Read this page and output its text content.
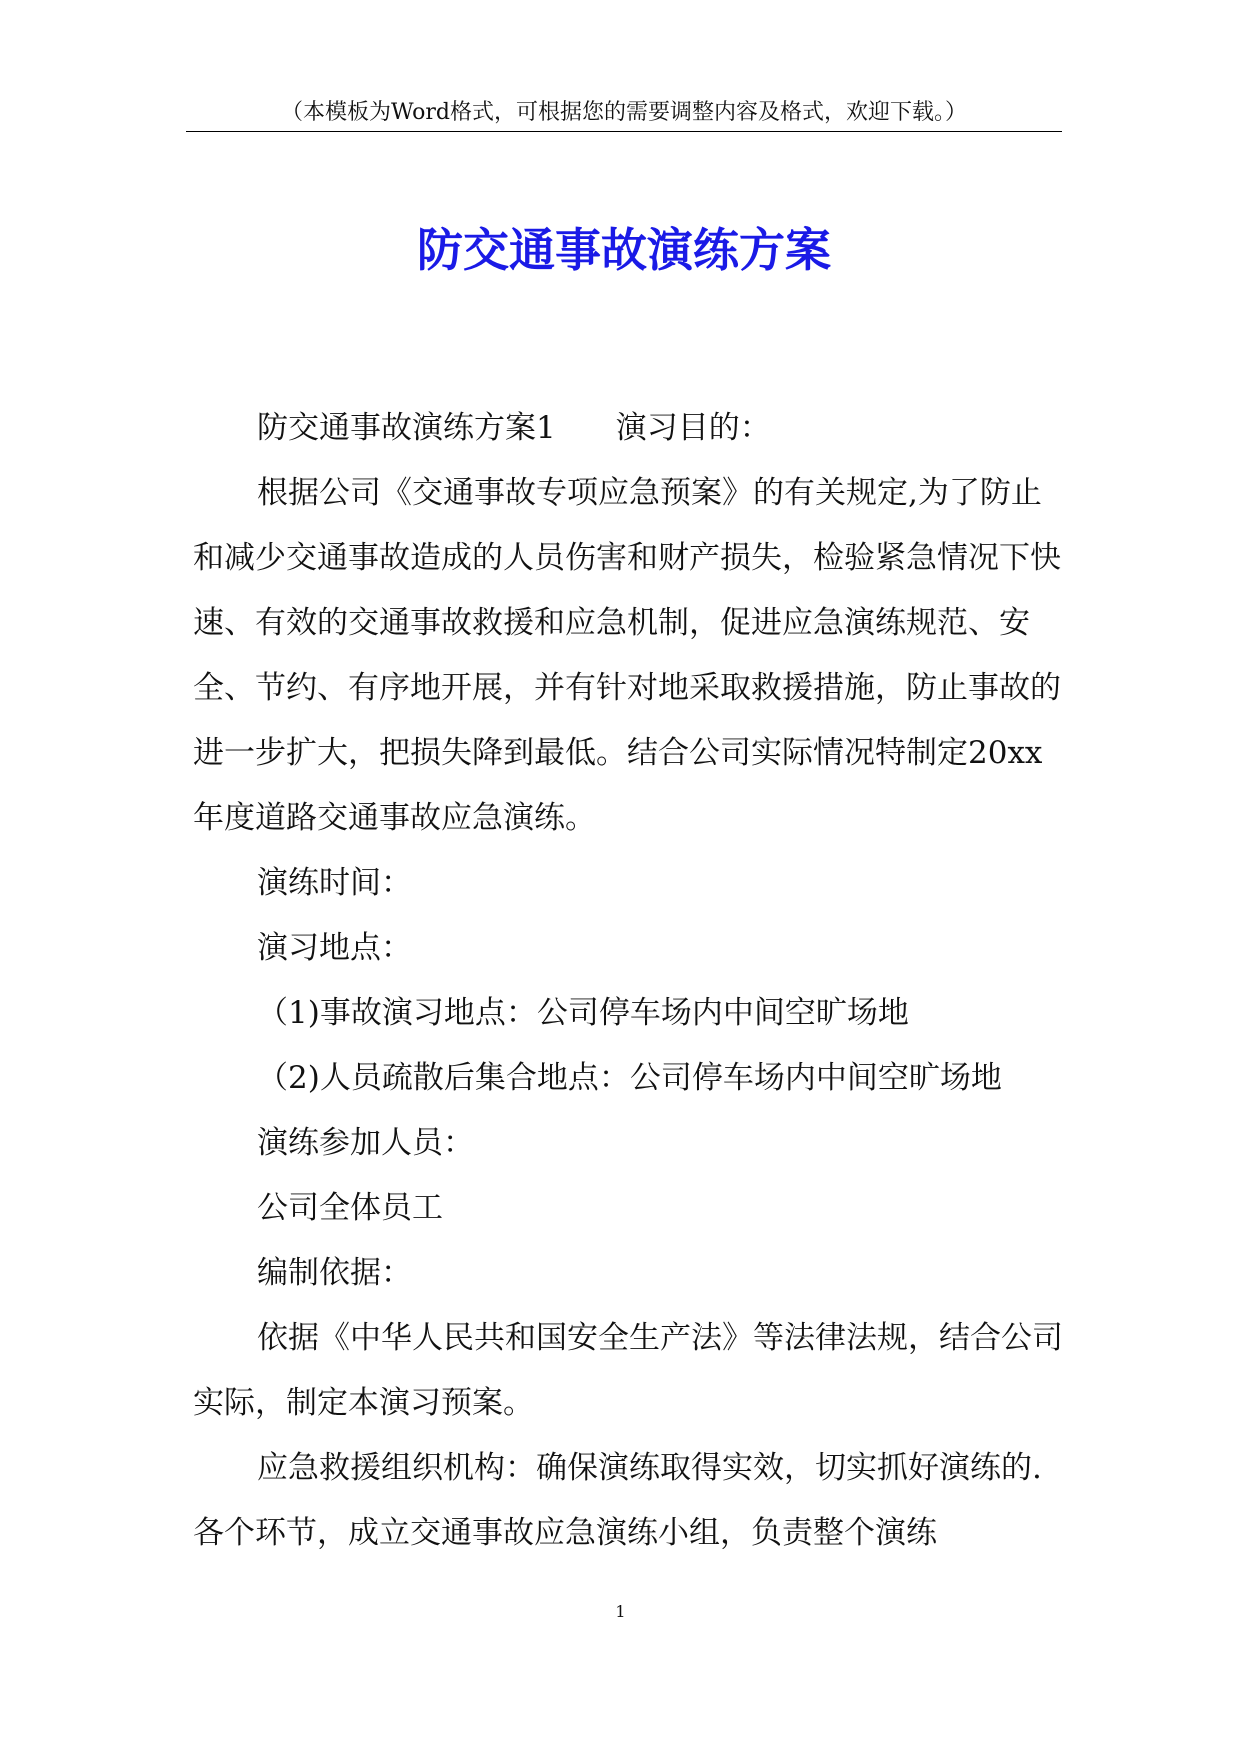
（本模板为Word格式，可根据您的需要调整内容及格式，欢迎下载。）
防交通事故演练方案

防交通事故演练方案1 演习目的：

根据公司《交通事故专项应急预案》的有关规定,为了防止和减少交通事故造成的人员伤害和财产损失，检验紧急情况下快速、有效的交通事故救援和应急机制，促进应急演练规范、安全、节约、有序地开展，并有针对地采取救援措施，防止事故的进一步扩大，把损失降到最低。结合公司实际情况特制定20xx年度道路交通事故应急演练。

演练时间：

演习地点：

（1)事故演习地点：公司停车场内中间空旷场地

（2)人员疏散后集合地点：公司停车场内中间空旷场地

演练参加人员：

公司全体员工

编制依据：

依据《中华人民共和国安全生产法》等法律法规，结合公司实际，制定本演习预案。

应急救援组织机构：确保演练取得实效，切实抓好演练的.各个环节，成立交通事故应急演练小组，负责整个演练

1
